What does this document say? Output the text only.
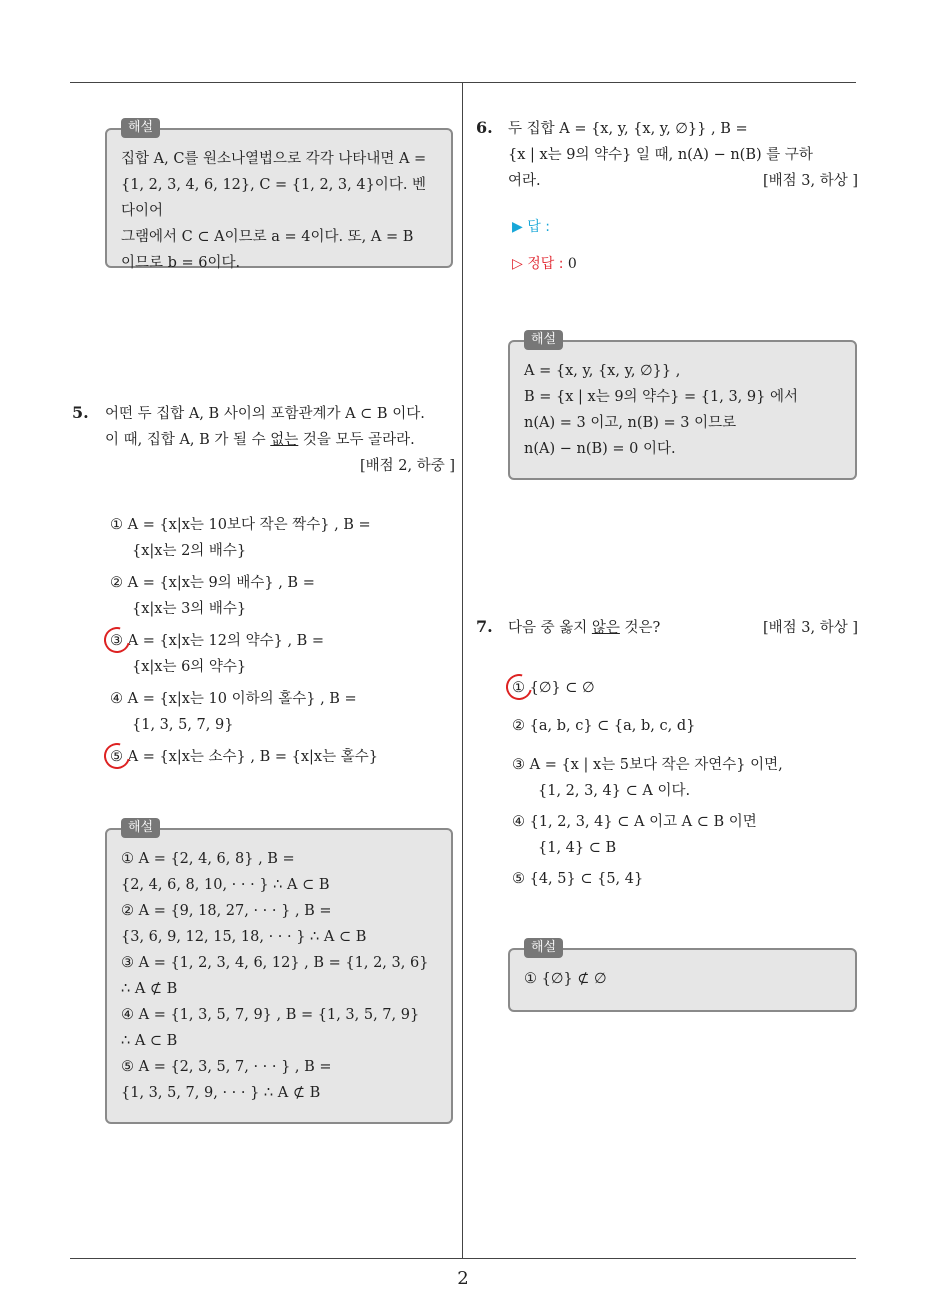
해설

집합 A, C를 원소나열법으로 각각 나타내면 A =

{1, 2, 3, 4, 6, 12}, C = {1, 2, 3, 4}이다. 벤 다이어

그램에서 C ⊂ A이므로 a = 4이다. 또, A = B

이므로 b = 6이다.

5. 어떤 두 집합 A, B 사이의 포함관계가 A ⊂ B 이다.
이 때, 집합 A, B 가 될 수 없는 것을 모두 골라라.
[배점 2, 하중 ]
① A = {x|x는 10보다 작은 짝수} , B =
{x|x는 2의 배수}
② A = {x|x는 9의 배수} , B =
{x|x는 3의 배수}
③ A = {x|x는 12의 약수} , B =
{x|x는 6의 약수}
④ A = {x|x는 10 이하의 홀수} , B =
{1, 3, 5, 7, 9}
⑤ A = {x|x는 소수} , B = {x|x는 홀수}
해설

① A = {2, 4, 6, 8} , B =

{2, 4, 6, 8, 10, · · · } ∴ A ⊂ B

② A = {9, 18, 27, · · · } , B =

{3, 6, 9, 12, 15, 18, · · · } ∴ A ⊂ B

③ A = {1, 2, 3, 4, 6, 12} , B = {1, 2, 3, 6}

∴ A ⊄ B

④ A = {1, 3, 5, 7, 9} , B = {1, 3, 5, 7, 9}

∴ A ⊂ B

⑤ A = {2, 3, 5, 7, · · · } , B =

{1, 3, 5, 7, 9, · · · } ∴ A ⊄ B

6. 두 집합 A = {x, y, {x, y, ∅}} , B =
{x | x는 9의 약수} 일 때, n(A) − n(B) 를 구하
여라.	[배점 3, 하상 ]
▶ 답 :
▷ 정답 : 0
해설

A = {x, y, {x, y, ∅}} ,

B = {x | x는 9의 약수} = {1, 3, 9} 에서

n(A) = 3 이고, n(B) = 3 이므로

n(A) − n(B) = 0 이다.

7. 다음 중 옳지 않은 것은?	[배점 3, 하상 ]
① {∅} ⊂ ∅
② {a, b, c} ⊂ {a, b, c, d}
③ A = {x | x는 5보다 작은 자연수} 이면,
{1, 2, 3, 4} ⊂ A 이다.
④ {1, 2, 3, 4} ⊂ A 이고 A ⊂ B 이면
{1, 4} ⊂ B
⑤ {4, 5} ⊂ {5, 4}
해설

① {∅} ⊄ ∅

2
